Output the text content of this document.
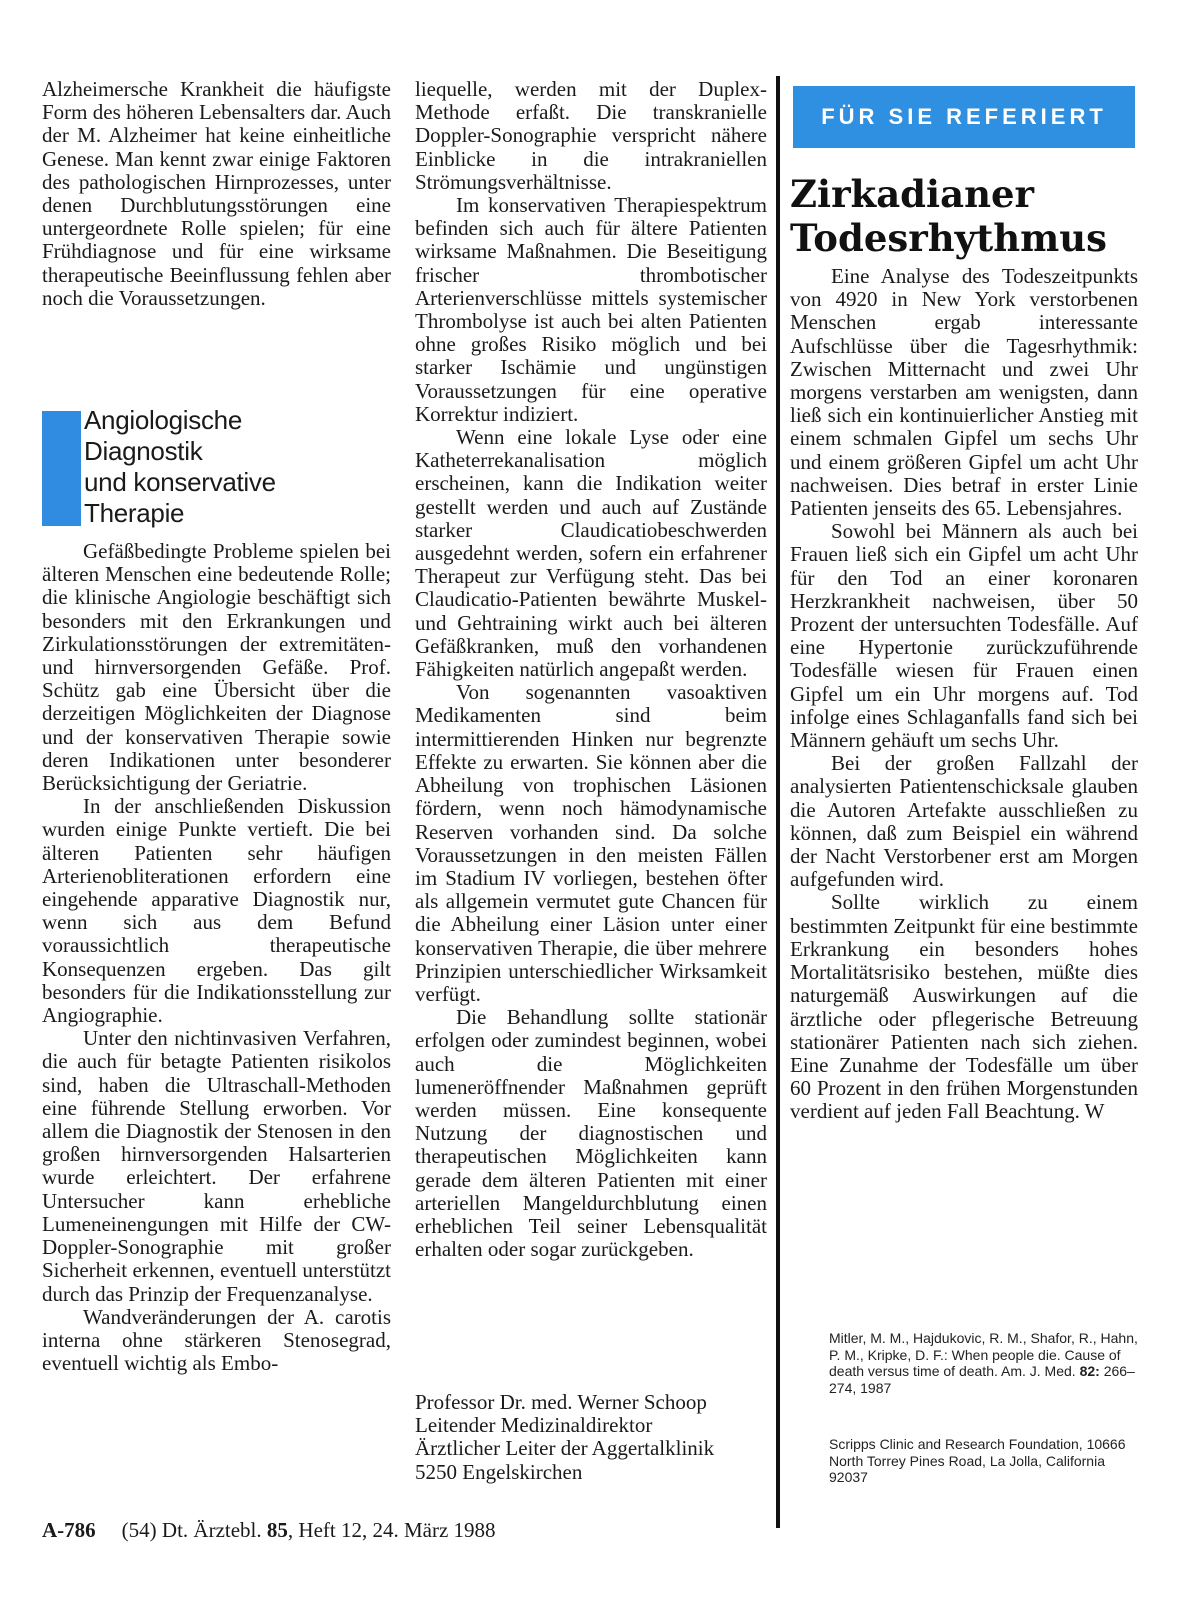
Alzheimersche Krankheit die häufigste Form des höheren Lebensalters dar. Auch der M. Alzheimer hat keine einheitliche Genese. Man kennt zwar einige Faktoren des pathologischen Hirnprozesses, unter denen Durchblutungsstörungen eine untergeordnete Rolle spielen; für eine Frühdiagnose und für eine wirksame therapeutische Beeinflussung fehlen aber noch die Voraussetzungen.

Angiologische
Diagnostik
und konservative
Therapie

Gefäßbedingte Probleme spielen bei älteren Menschen eine bedeutende Rolle; die klinische Angiologie beschäftigt sich besonders mit den Erkrankungen und Zirkulationsstörungen der extremitäten- und hirnversorgenden Gefäße. Prof. Schütz gab eine Übersicht über die derzeitigen Möglichkeiten der Diagnose und der konservativen Therapie sowie deren Indikationen unter besonderer Berücksichtigung der Geriatrie.

In der anschließenden Diskussion wurden einige Punkte vertieft. Die bei älteren Patienten sehr häufigen Arterienobliterationen erfordern eine eingehende apparative Diagnostik nur, wenn sich aus dem Befund voraussichtlich therapeutische Konsequenzen ergeben. Das gilt besonders für die Indikationsstellung zur Angiographie.

Unter den nichtinvasiven Verfahren, die auch für betagte Patienten risikolos sind, haben die Ultraschall-Methoden eine führende Stellung erworben. Vor allem die Diagnostik der Stenosen in den großen hirnversorgenden Halsarterien wurde erleichtert. Der erfahrene Untersucher kann erhebliche Lumeneinengungen mit Hilfe der CW-Doppler-Sonographie mit großer Sicherheit erkennen, eventuell unterstützt durch das Prinzip der Frequenzanalyse.

Wandveränderungen der A. carotis interna ohne stärkeren Stenosegrad, eventuell wichtig als Embo-

liequelle, werden mit der Duplex-Methode erfaßt. Die transkranielle Doppler-Sonographie verspricht nähere Einblicke in die intrakraniellen Strömungsverhältnisse.

Im konservativen Therapiespektrum befinden sich auch für ältere Patienten wirksame Maßnahmen. Die Beseitigung frischer thrombotischer Arterienverschlüsse mittels systemischer Thrombolyse ist auch bei alten Patienten ohne großes Risiko möglich und bei starker Ischämie und ungünstigen Voraussetzungen für eine operative Korrektur indiziert.

Wenn eine lokale Lyse oder eine Katheterrekanalisation möglich erscheinen, kann die Indikation weiter gestellt werden und auch auf Zustände starker Claudicatiobeschwerden ausgedehnt werden, sofern ein erfahrener Therapeut zur Verfügung steht. Das bei Claudicatio-Patienten bewährte Muskel- und Gehtraining wirkt auch bei älteren Gefäßkranken, muß den vorhandenen Fähigkeiten natürlich angepaßt werden.

Von sogenannten vasoaktiven Medikamenten sind beim intermittierenden Hinken nur begrenzte Effekte zu erwarten. Sie können aber die Abheilung von trophischen Läsionen fördern, wenn noch hämodynamische Reserven vorhanden sind. Da solche Voraussetzungen in den meisten Fällen im Stadium IV vorliegen, bestehen öfter als allgemein vermutet gute Chancen für die Abheilung einer Läsion unter einer konservativen Therapie, die über mehrere Prinzipien unterschiedlicher Wirksamkeit verfügt.

Die Behandlung sollte stationär erfolgen oder zumindest beginnen, wobei auch die Möglichkeiten lumeneröffnender Maßnahmen geprüft werden müssen. Eine konsequente Nutzung der diagnostischen und therapeutischen Möglichkeiten kann gerade dem älteren Patienten mit einer arteriellen Mangeldurchblutung einen erheblichen Teil seiner Lebensqualität erhalten oder sogar zurückgeben.

Professor Dr. med. Werner Schoop
Leitender Medizinaldirektor
Ärztlicher Leiter der Aggertalklinik
5250 Engelskirchen
FÜR SIE REFERIERT
Zirkadianer
Todesrhythmus

Eine Analyse des Todeszeitpunkts von 4920 in New York verstorbenen Menschen ergab interessante Aufschlüsse über die Tagesrhythmik: Zwischen Mitternacht und zwei Uhr morgens verstarben am wenigsten, dann ließ sich ein kontinuierlicher Anstieg mit einem schmalen Gipfel um sechs Uhr und einem größeren Gipfel um acht Uhr nachweisen. Dies betraf in erster Linie Patienten jenseits des 65. Lebensjahres.

Sowohl bei Männern als auch bei Frauen ließ sich ein Gipfel um acht Uhr für den Tod an einer koronaren Herzkrankheit nachweisen, über 50 Prozent der untersuchten Todesfälle. Auf eine Hypertonie zurückzuführende Todesfälle wiesen für Frauen einen Gipfel um ein Uhr morgens auf. Tod infolge eines Schlaganfalls fand sich bei Männern gehäuft um sechs Uhr.

Bei der großen Fallzahl der analysierten Patientenschicksale glauben die Autoren Artefakte ausschließen zu können, daß zum Beispiel ein während der Nacht Verstorbener erst am Morgen aufgefunden wird.

Sollte wirklich zu einem bestimmten Zeitpunkt für eine bestimmte Erkrankung ein besonders hohes Mortalitätsrisiko bestehen, müßte dies naturgemäß Auswirkungen auf die ärztliche oder pflegerische Betreuung stationärer Patienten nach sich ziehen. Eine Zunahme der Todesfälle um über 60 Prozent in den frühen Morgenstunden verdient auf jeden Fall Beachtung. W

Mitler, M. M., Hajdukovic, R. M., Shafor, R., Hahn, P. M., Kripke, D. F.: When people die. Cause of death versus time of death. Am. J. Med. 82: 266–274, 1987
Scripps Clinic and Research Foundation, 10666 North Torrey Pines Road, La Jolla, California 92037
A-786 (54) Dt. Ärztebl. 85, Heft 12, 24. März 1988
